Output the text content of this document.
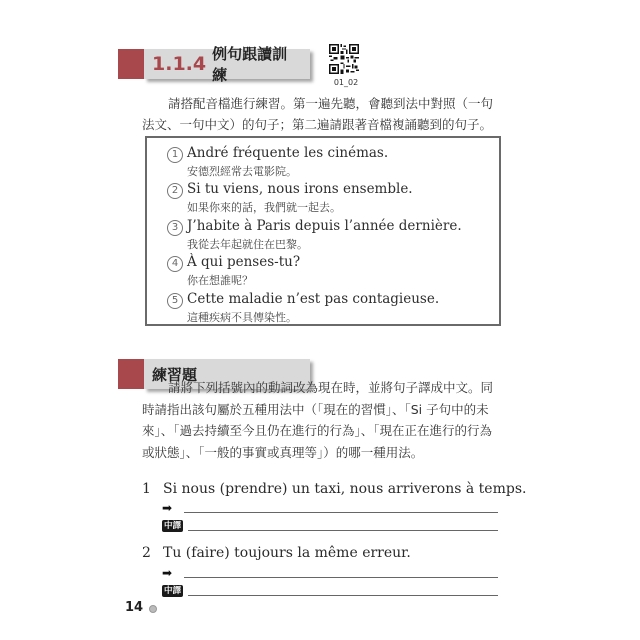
1.1.4 例句跟讀訓練	01_02
請搭配音檔進行練習。第一遍先聽，會聽到法中對照（一句法文、一句中文）的句子；第二遍請跟著音檔複誦聽到的句子。
1 André fréquente les cinémas.
安德烈經常去電影院。
2 Si tu viens, nous irons ensemble.
如果你來的話，我們就一起去。
3 J’habite à Paris depuis l’année dernière.
我從去年起就住在巴黎。
4 À qui penses-tu?
你在想誰呢？
5 Cette maladie n’est pas contagieuse.
這種疾病不具傳染性。
練習題
請將下列括號內的動詞改為現在時，並將句子譯成中文。同時請指出該句屬於五種用法中（「現在的習慣」、「Si 子句中的未來」、「過去持續至今且仍在進行的行為」、「現在正在進行的行為或狀態」、「一般的事實或真理等」）的哪一種用法。
1 Si nous (prendre) un taxi, nous arriverons à temps.
➡
中譯
2 Tu (faire) toujours la même erreur.
➡
中譯
14
